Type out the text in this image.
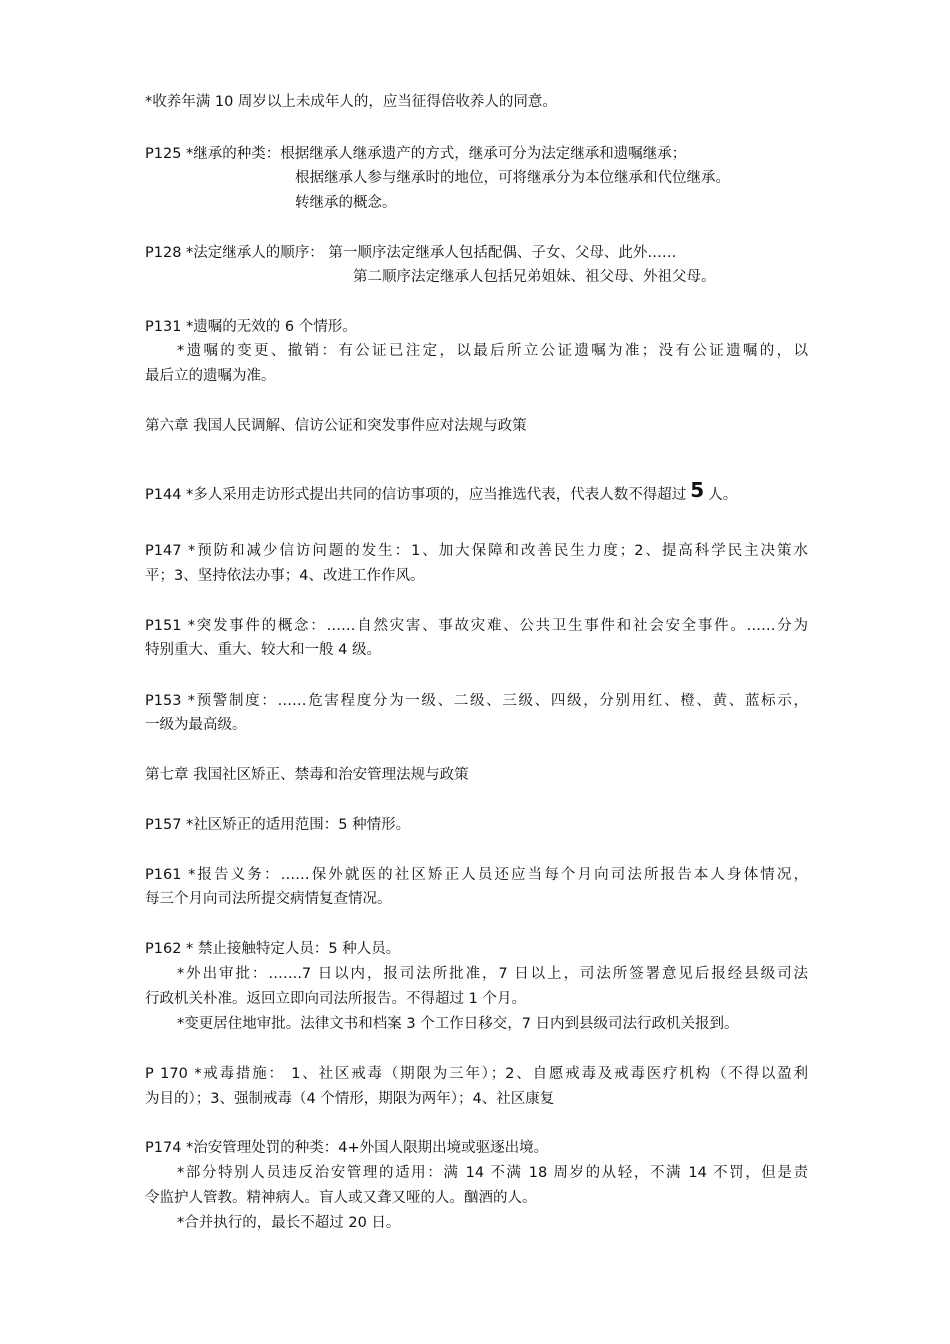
*收养年满 10 周岁以上未成年人的，应当征得倍收养人的同意。
P125 *继承的种类：根据继承人继承遗产的方式，继承可分为法定继承和遗嘱继承；
根据继承人参与继承时的地位，可将继承分为本位继承和代位继承。
转继承的概念。
P128 *法定继承人的顺序： 第一顺序法定继承人包括配偶、子女、父母、此外……
第二顺序法定继承人包括兄弟姐妹、祖父母、外祖父母。
P131 *遗嘱的无效的 6 个情形。
*遗嘱的变更、撤销：有公证已注定，以最后所立公证遗嘱为准；没有公证遗嘱的，以
最后立的遗嘱为准。
第六章 我国人民调解、信访公证和突发事件应对法规与政策
P144 *多人采用走访形式提出共同的信访事项的，应当推选代表，代表人数不得超过 5 人。
P147 *预防和减少信访问题的发生：1、加大保障和改善民生力度；2、提高科学民主决策水
平；3、坚持依法办事；4、改进工作作风。
P151 *突发事件的概念：……自然灾害、事故灾难、公共卫生事件和社会安全事件。……分为
特别重大、重大、较大和一般 4 级。
P153 *预警制度：……危害程度分为一级、二级、三级、四级，分别用红、橙、黄、蓝标示，
一级为最高级。
第七章 我国社区矫正、禁毒和治安管理法规与政策
P157 *社区矫正的适用范围：5 种情形。
P161 *报告义务：……保外就医的社区矫正人员还应当每个月向司法所报告本人身体情况，
每三个月向司法所提交病情复查情况。
P162 * 禁止接触特定人员：5 种人员。
*外出审批：…….7 日以内，报司法所批准，7 日以上，司法所签署意见后报经县级司法
行政机关朴准。返回立即向司法所报告。不得超过 1 个月。
*变更居住地审批。法律文书和档案 3 个工作日移交，7 日内到县级司法行政机关报到。
P 170 *戒毒措施： 1、社区戒毒（期限为三年）；2、自愿戒毒及戒毒医疗机构（不得以盈利
为目的）；3、强制戒毒（4 个情形，期限为两年）；4、社区康复
P174 *治安管理处罚的种类：4+外国人限期出境或驱逐出境。
*部分特别人员违反治安管理的适用：满 14 不满 18 周岁的从轻，不满 14 不罚，但是责
令监护人管教。精神病人。盲人或又聋又哑的人。酗酒的人。
*合并执行的，最长不超过 20 日。
